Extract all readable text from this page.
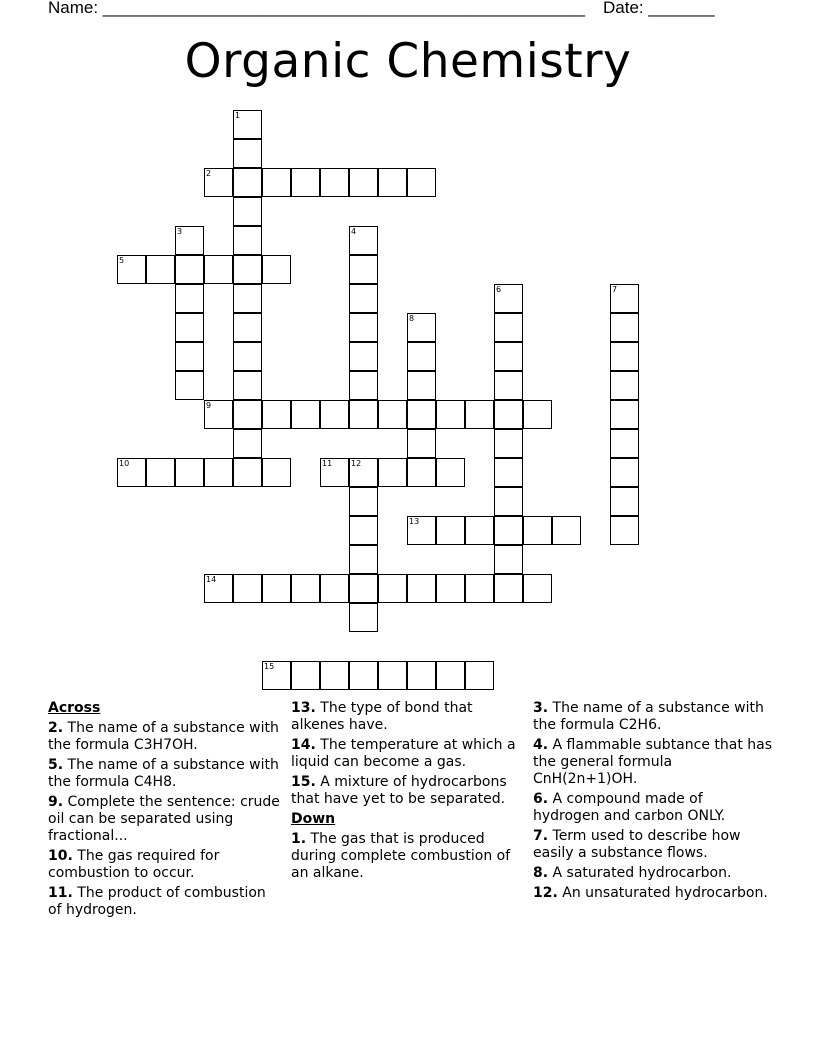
Name: ___________________________________________________ Date: _______
Organic Chemistry
1
2
3	4
5
6	7
8
9
10	11 12
13
14
15
Across
2. The name of a substance with the formula C3H7OH.
5. The name of a substance with the formula C4H8.
9. Complete the sentence: crude oil can be separated using fractional...
10. The gas required for combustion to occur.
11. The product of combustion of hydrogen.
13. The type of bond that alkenes have.
14. The temperature at which a liquid can become a gas.
15. A mixture of hydrocarbons that have yet to be separated.
Down
1. The gas that is produced during complete combustion of an alkane.
3. The name of a substance with the formula C2H6.
4. A flammable subtance that has the general formula CnH(2n+1)OH.
6. A compound made of hydrogen and carbon ONLY.
7. Term used to describe how easily a substance flows.
8. A saturated hydrocarbon.
12. An unsaturated hydrocarbon.
